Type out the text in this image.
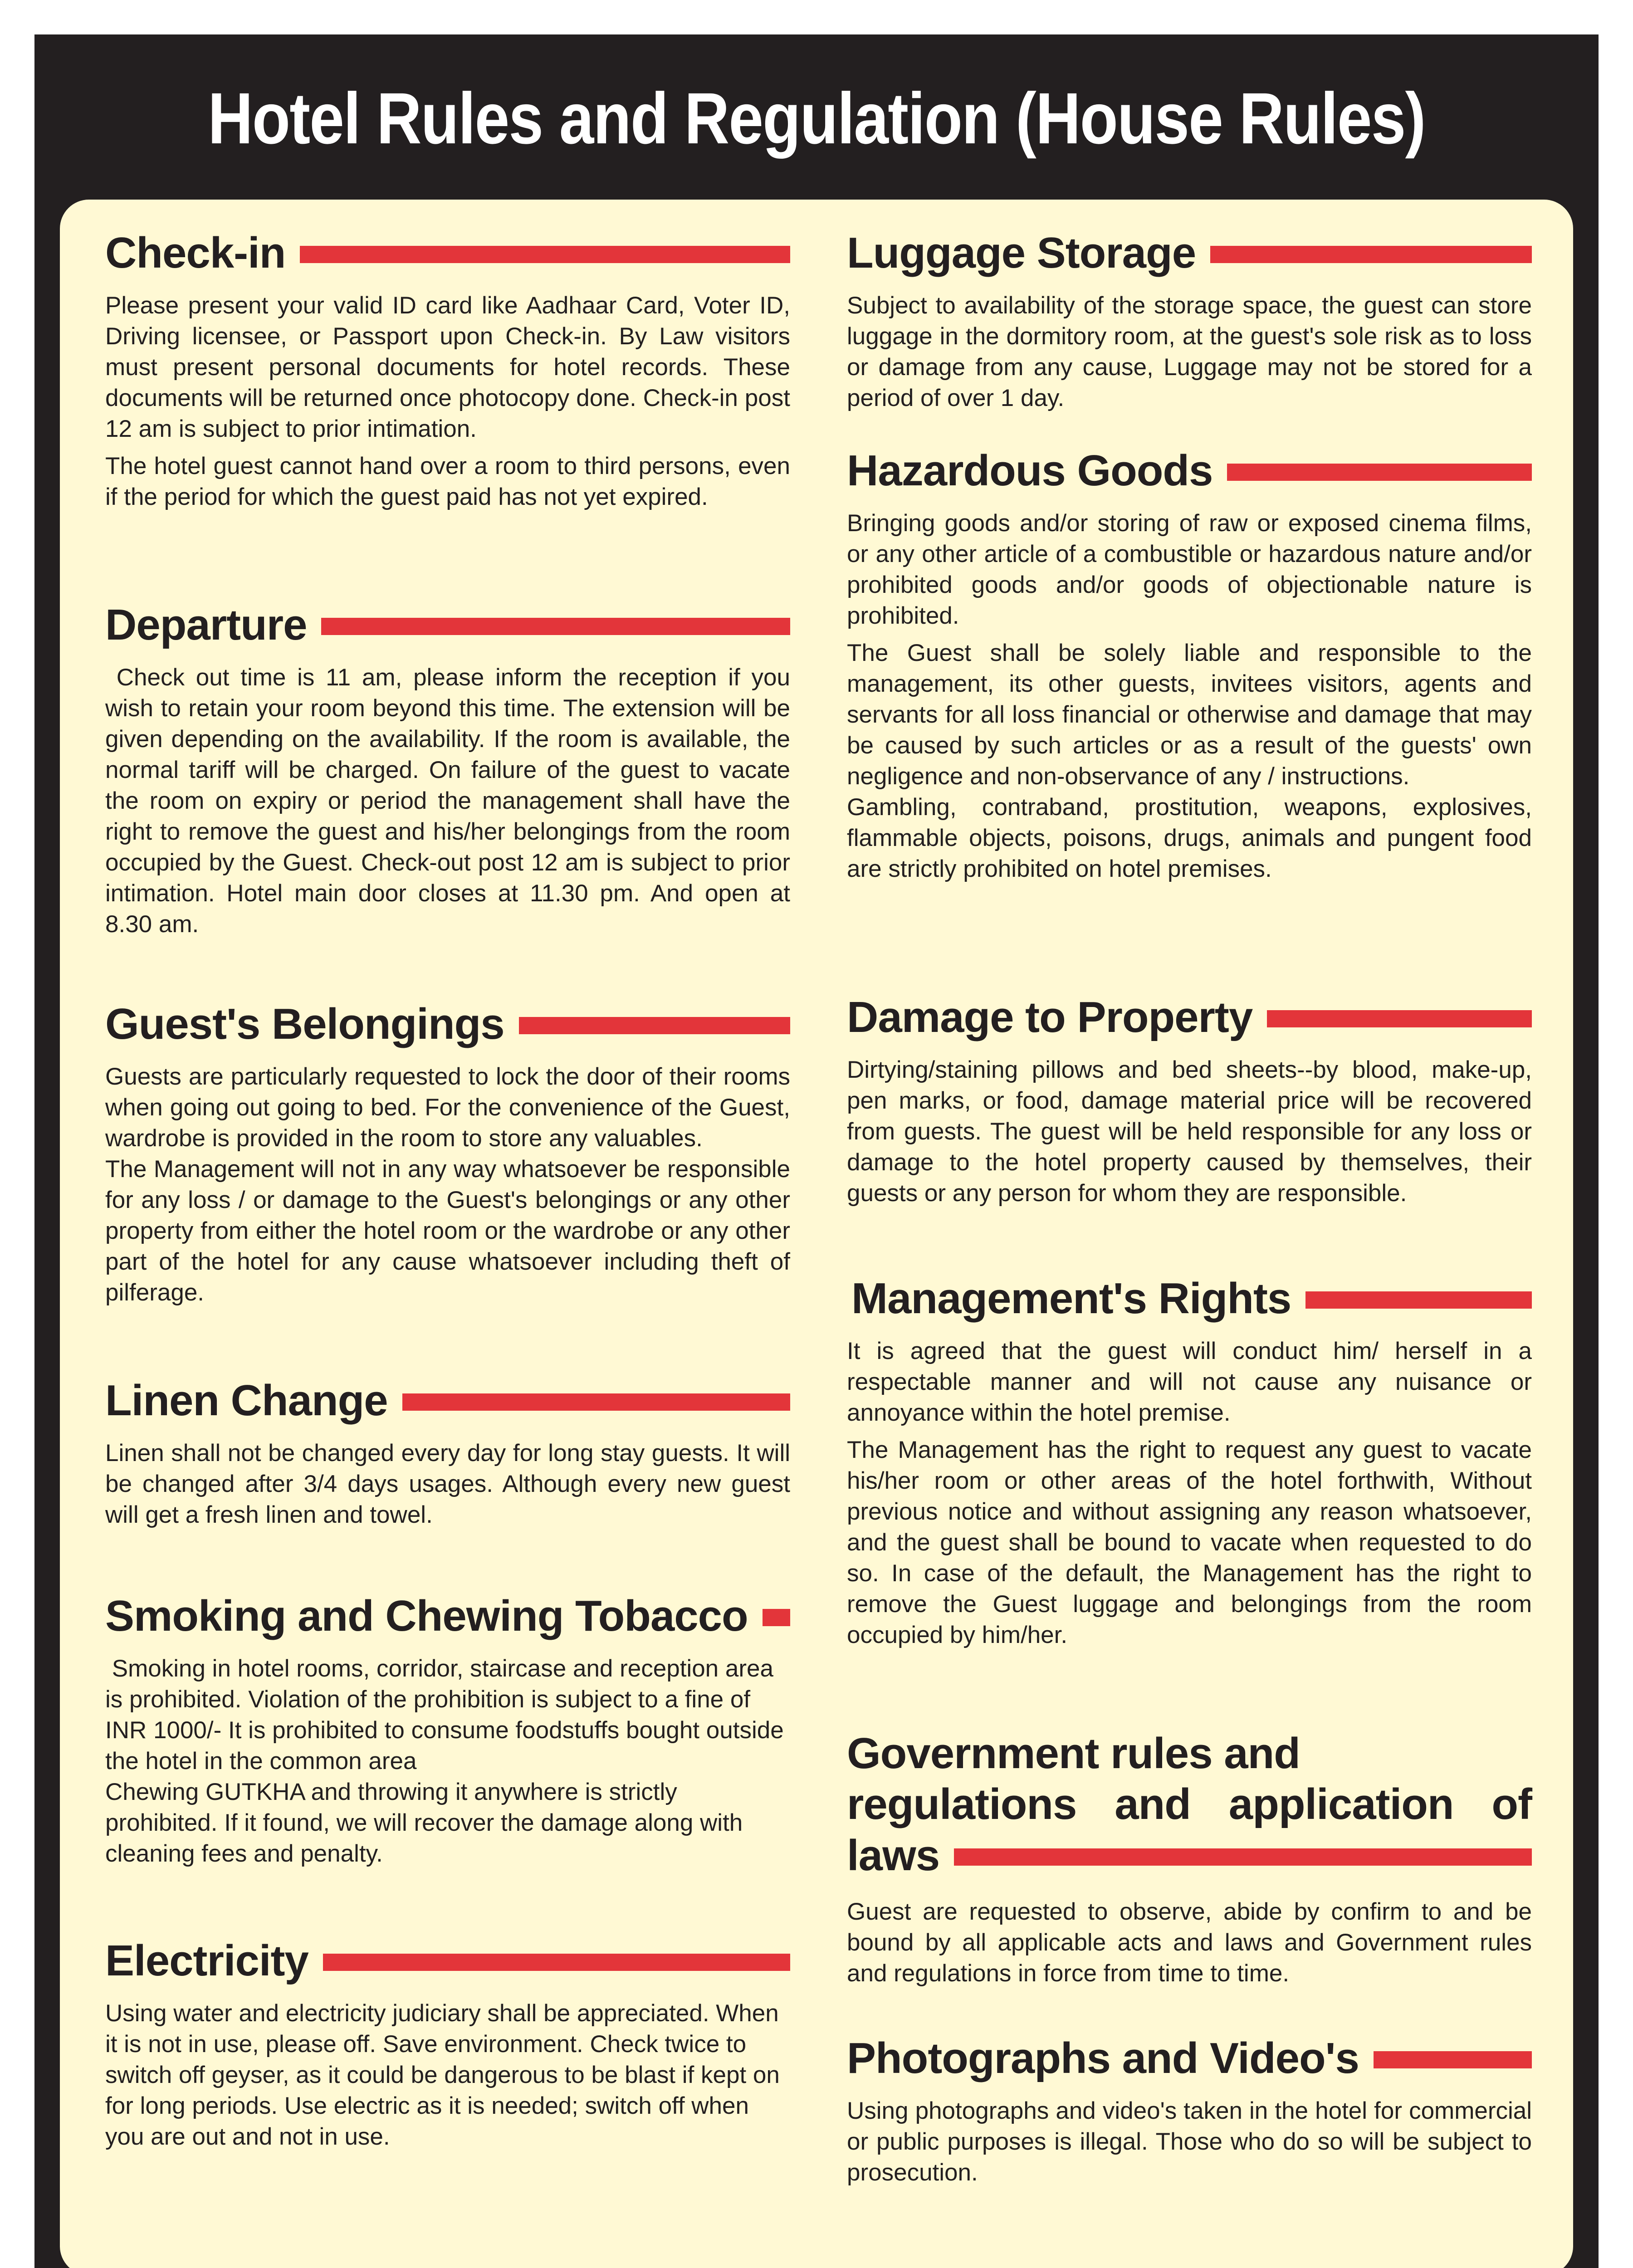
Hotel Rules and Regulation (House Rules)
Check-in

Please present your valid ID card like Aadhaar Card, Voter ID, Driving licensee, or Passport upon Check-in. By Law visitors must present personal documents for hotel records. These documents will be returned once photocopy done. Check-in post 12 am is subject to prior intimation.

The hotel guest cannot hand over a room to third persons, even if the period for which the guest paid has not yet expired.

Departure

Check out time is 11 am, please inform the reception if you wish to retain your room beyond this time. The extension will be given depending on the availability. If the room is available, the normal tariff will be charged. On failure of the guest to vacate the room on expiry or period the management shall have the right to remove the guest and his/her belongings from the room occupied by the Guest. Check-out post 12 am is subject to prior intimation. Hotel main door closes at 11.30 pm. And open at 8.30 am.

Guest's Belongings

Guests are particularly requested to lock the door of their rooms when going out going to bed. For the convenience of the Guest, wardrobe is provided in the room to store any valuables.
The Management will not in any way whatsoever be responsible for any loss / or damage to the Guest's belongings or any other property from either the hotel room or the wardrobe or any other part of the hotel for any cause whatsoever including theft of pilferage.

Linen Change

Linen shall not be changed every day for long stay guests. It will be changed after 3/4 days usages. Although every new guest will get a fresh linen and towel.

Smoking and Chewing Tobacco

Smoking in hotel rooms, corridor, staircase and reception area is prohibited. Violation of the prohibition is subject to a fine of INR 1000/- It is prohibited to consume foodstuffs bought outside the hotel in the common area
Chewing GUTKHA and throwing it anywhere is strictly prohibited. If it found, we will recover the damage along with cleaning fees and penalty.

Electricity

Using water and electricity judiciary shall be appreciated. When it is not in use, please off. Save environment. Check twice to switch off geyser, as it could be dangerous to be blast if kept on for long periods. Use electric as it is needed; switch off when you are out and not in use.

Luggage Storage

Subject to availability of the storage space, the guest can store luggage in the dormitory room, at the guest's sole risk as to loss or damage from any cause, Luggage may not be stored for a period of over 1 day.

Hazardous Goods

Bringing goods and/or storing of raw or exposed cinema films, or any other article of a combustible or hazardous nature and/or prohibited goods and/or goods of objectionable nature is prohibited.

The Guest shall be solely liable and responsible to the management, its other guests, invitees visitors, agents and servants for all loss financial or otherwise and damage that may be caused by such articles or as a result of the guests' own negligence and non-observance of any / instructions.
Gambling, contraband, prostitution, weapons, explosives, flammable objects, poisons, drugs, animals and pungent food are strictly prohibited on hotel premises.

Damage to Property

Dirtying/staining pillows and bed sheets--by blood, make-up, pen marks, or food, damage material price will be recovered from guests. The guest will be held responsible for any loss or damage to the hotel property caused by themselves, their guests or any person for whom they are responsible.

Management's Rights

It is agreed that the guest will conduct him/ herself in a respectable manner and will not cause any nuisance or annoyance within the hotel premise.

The Management has the right to request any guest to vacate his/her room or other areas of the hotel forthwith, Without previous notice and without assigning any reason whatsoever, and the guest shall be bound to vacate when requested to do so. In case of the default, the Management has the right to remove the Guest luggage and belongings from the room occupied by him/her.

Government rules and
regulations and application of
laws

Guest are requested to observe, abide by confirm to and be bound by all applicable acts and laws and Government rules and regulations in force from time to time.

Photographs and Video's

Using photographs and video's taken in the hotel for commercial or public purposes is illegal. Those who do so will be subject to prosecution.
